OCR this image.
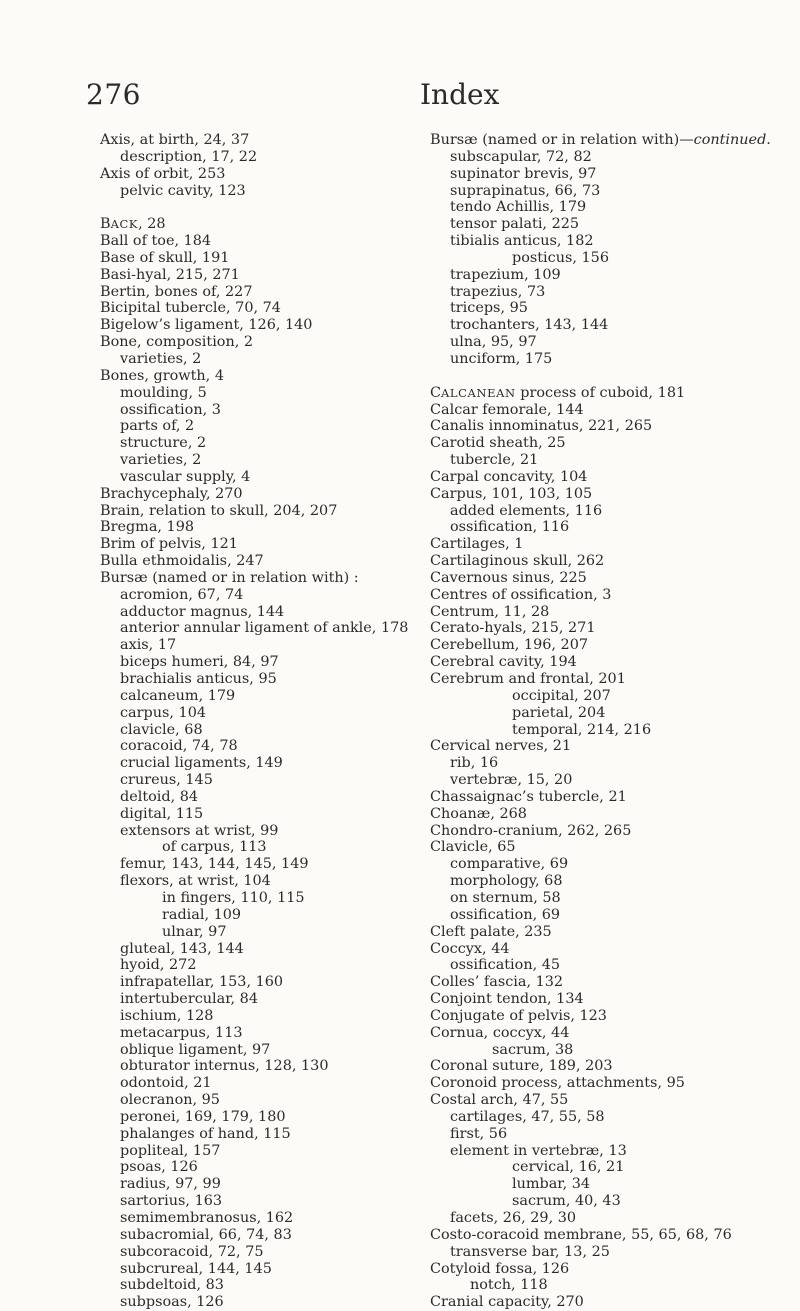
276	Index
Axis, at birth, 24, 37
description, 17, 22
Axis of orbit, 253
pelvic cavity, 123
BACK, 28
Ball of toe, 184
Base of skull, 191
Basi-hyal, 215, 271
Bertin, bones of, 227
Bicipital tubercle, 70, 74
Bigelow’s ligament, 126, 140
Bone, composition, 2
varieties, 2
Bones, growth, 4
moulding, 5
ossification, 3
parts of, 2
structure, 2
varieties, 2
vascular supply, 4
Brachycephaly, 270
Brain, relation to skull, 204, 207
Bregma, 198
Brim of pelvis, 121
Bulla ethmoidalis, 247
Bursæ (named or in relation with) :
acromion, 67, 74
adductor magnus, 144
anterior annular ligament of ankle, 178
axis, 17
biceps humeri, 84, 97
brachialis anticus, 95
calcaneum, 179
carpus, 104
clavicle, 68
coracoid, 74, 78
crucial ligaments, 149
crureus, 145
deltoid, 84
digital, 115
extensors at wrist, 99
of carpus, 113
femur, 143, 144, 145, 149
flexors, at wrist, 104
in fingers, 110, 115
radial, 109
ulnar, 97
gluteal, 143, 144
hyoid, 272
infrapatellar, 153, 160
intertubercular, 84
ischium, 128
metacarpus, 113
oblique ligament, 97
obturator internus, 128, 130
odontoid, 21
olecranon, 95
peronei, 169, 179, 180
phalanges of hand, 115
popliteal, 157
psoas, 126
radius, 97, 99
sartorius, 163
semimembranosus, 162
subacromial, 66, 74, 83
subcoracoid, 72, 75
subcrureal, 144, 145
subdeltoid, 83
subpsoas, 126
Bursæ (named or in relation with)—continued.
subscapular, 72, 82
supinator brevis, 97
suprapinatus, 66, 73
tendo Achillis, 179
tensor palati, 225
tibialis anticus, 182
posticus, 156
trapezium, 109
trapezius, 73
triceps, 95
trochanters, 143, 144
ulna, 95, 97
unciform, 175
CALCANEAN process of cuboid, 181
Calcar femorale, 144
Canalis innominatus, 221, 265
Carotid sheath, 25
tubercle, 21
Carpal concavity, 104
Carpus, 101, 103, 105
added elements, 116
ossification, 116
Cartilages, 1
Cartilaginous skull, 262
Cavernous sinus, 225
Centres of ossification, 3
Centrum, 11, 28
Cerato-hyals, 215, 271
Cerebellum, 196, 207
Cerebral cavity, 194
Cerebrum and frontal, 201
occipital, 207
parietal, 204
temporal, 214, 216
Cervical nerves, 21
rib, 16
vertebræ, 15, 20
Chassaignac’s tubercle, 21
Choanæ, 268
Chondro-cranium, 262, 265
Clavicle, 65
comparative, 69
morphology, 68
on sternum, 58
ossification, 69
Cleft palate, 235
Coccyx, 44
ossification, 45
Colles’ fascia, 132
Conjoint tendon, 134
Conjugate of pelvis, 123
Cornua, coccyx, 44
sacrum, 38
Coronal suture, 189, 203
Coronoid process, attachments, 95
Costal arch, 47, 55
cartilages, 47, 55, 58
first, 56
element in vertebræ, 13
cervical, 16, 21
lumbar, 34
sacrum, 40, 43
facets, 26, 29, 30
Costo-coracoid membrane, 55, 65, 68, 76
transverse bar, 13, 25
Cotyloid fossa, 126
notch, 118
Cranial capacity, 270
